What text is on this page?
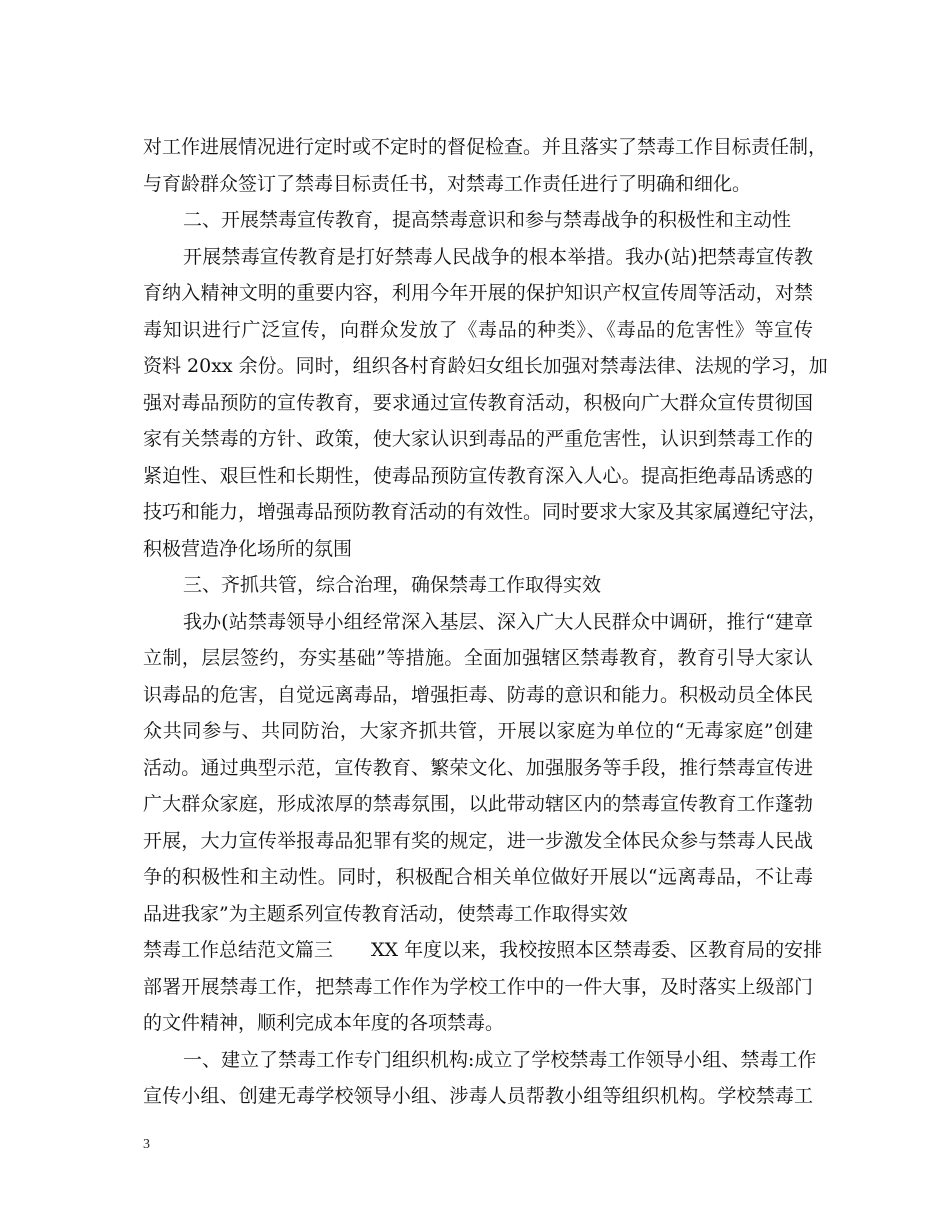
对工作进展情况进行定时或不定时的督促检查。并且落实了禁毒工作目标责任制，
与育龄群众签订了禁毒目标责任书，对禁毒工作责任进行了明确和细化。
二、开展禁毒宣传教育，提高禁毒意识和参与禁毒战争的积极性和主动性
开展禁毒宣传教育是打好禁毒人民战争的根本举措。我办(站)把禁毒宣传教
育纳入精神文明的重要内容，利用今年开展的保护知识产权宣传周等活动，对禁
毒知识进行广泛宣传，向群众发放了《毒品的种类》、《毒品的危害性》等宣传
资料 20xx 余份。同时，组织各村育龄妇女组长加强对禁毒法律、法规的学习，加
强对毒品预防的宣传教育，要求通过宣传教育活动，积极向广大群众宣传贯彻国
家有关禁毒的方针、政策，使大家认识到毒品的严重危害性，认识到禁毒工作的
紧迫性、艰巨性和长期性，使毒品预防宣传教育深入人心。提高拒绝毒品诱惑的
技巧和能力，增强毒品预防教育活动的有效性。同时要求大家及其家属遵纪守法，
积极营造净化场所的氛围
三、齐抓共管，综合治理，确保禁毒工作取得实效
我办(站禁毒领导小组经常深入基层、深入广大人民群众中调研，推行“建章
立制，层层签约，夯实基础”等措施。全面加强辖区禁毒教育，教育引导大家认
识毒品的危害，自觉远离毒品，增强拒毒、防毒的意识和能力。积极动员全体民
众共同参与、共同防治，大家齐抓共管，开展以家庭为单位的“无毒家庭”创建
活动。通过典型示范，宣传教育、繁荣文化、加强服务等手段，推行禁毒宣传进
广大群众家庭，形成浓厚的禁毒氛围，以此带动辖区内的禁毒宣传教育工作蓬勃
开展，大力宣传举报毒品犯罪有奖的规定，进一步激发全体民众参与禁毒人民战
争的积极性和主动性。同时，积极配合相关单位做好开展以“远离毒品，不让毒
品进我家”为主题系列宣传教育活动，使禁毒工作取得实效
禁毒工作总结范文篇三　　XX 年度以来，我校按照本区禁毒委、区教育局的安排
部署开展禁毒工作，把禁毒工作作为学校工作中的一件大事，及时落实上级部门
的文件精神，顺利完成本年度的各项禁毒。
一、建立了禁毒工作专门组织机构:成立了学校禁毒工作领导小组、禁毒工作
宣传小组、创建无毒学校领导小组、涉毒人员帮教小组等组织机构。学校禁毒工
3
